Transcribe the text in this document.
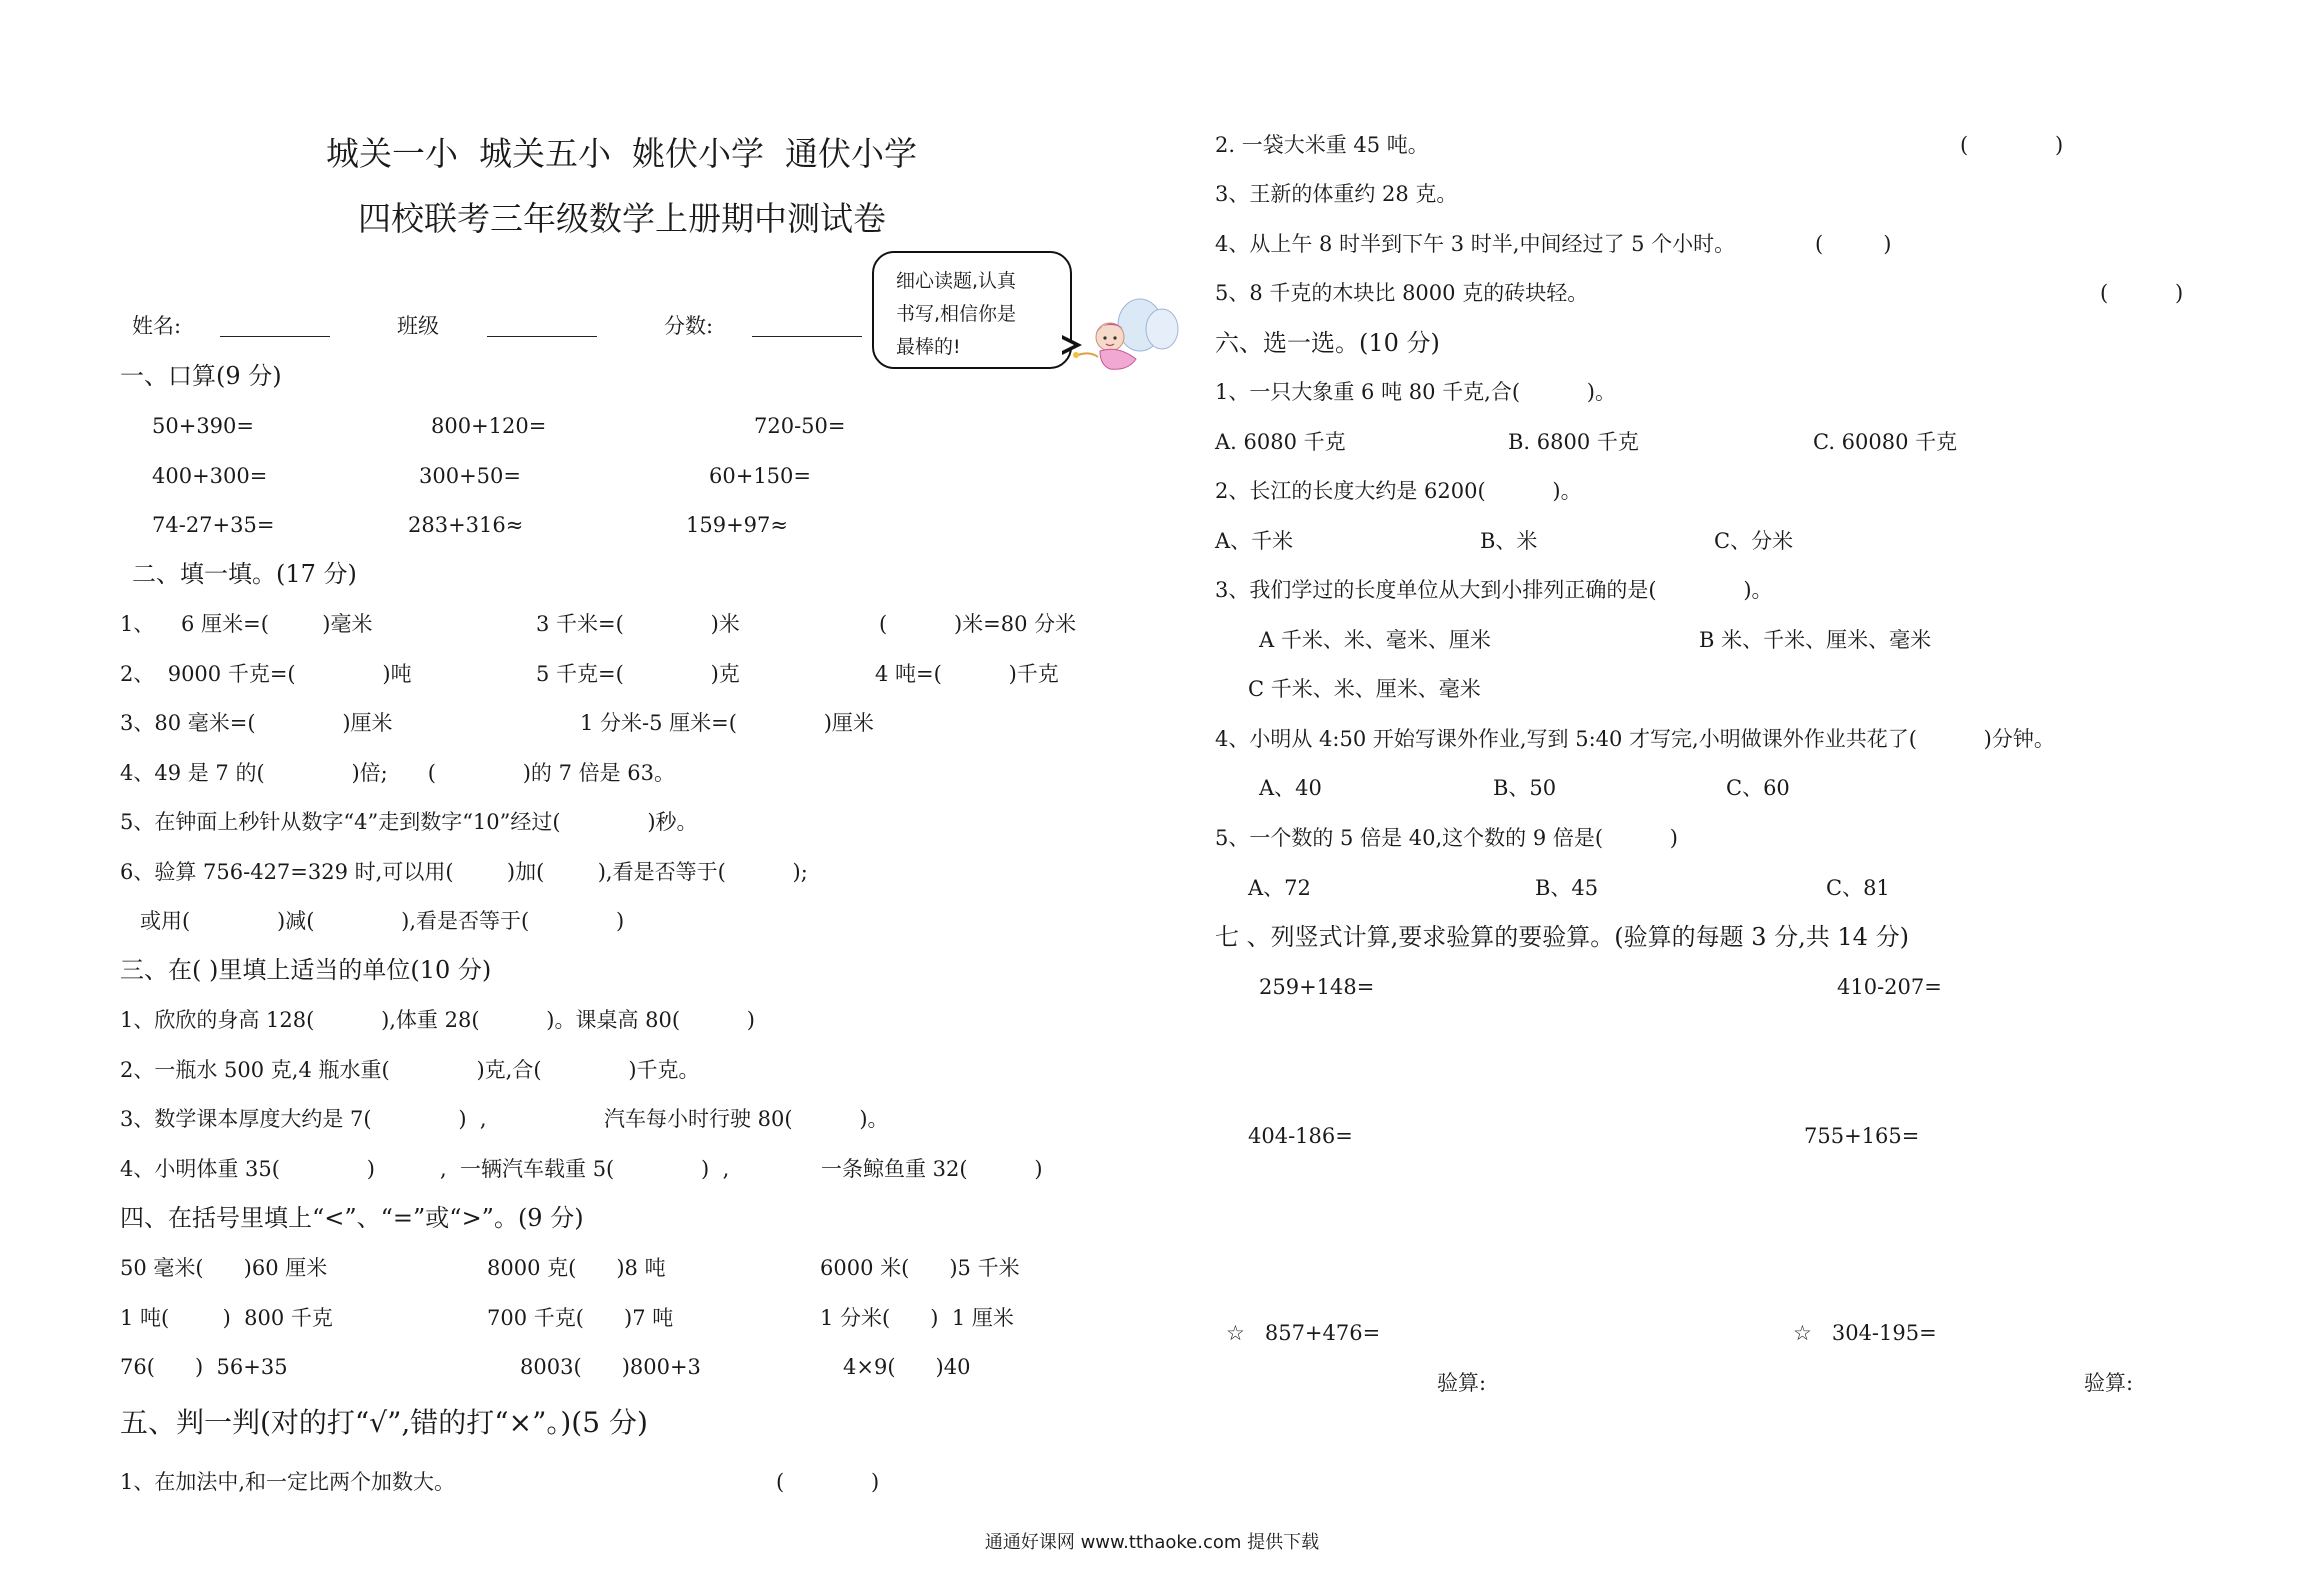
城关一小  城关五小  姚伏小学  通伏小学
四校联考三年级数学上册期中测试卷
姓名:	班级	分数:
细心读题,认真
书写,相信你是
最棒的!
一、口算(9 分)
50+390=	800+120=	720-50=
400+300=	300+50=	60+150=
74-27+35=	283+316≈	159+97≈
二、填一填。(17 分)
1、    6 厘米=(        )毫米	3 千米=(             )米	(          )米=80 分米
2、  9000 千克=(             )吨	5 千克=(             )克	4 吨=(          )千克
3、80 毫米=(             )厘米	1 分米-5 厘米=(             )厘米
4、49 是 7 的(             )倍;      (             )的 7 倍是 63。
5、在钟面上秒针从数字“4”走到数字“10”经过(             )秒。
6、验算 756-427=329 时,可以用(        )加(        ),看是否等于(          );
或用(             )减(             ),看是否等于(             )
三、在( )里填上适当的单位(10 分)
1、欣欣的身高 128(          ),体重 28(          )。课桌高 80(          )
2、一瓶水 500 克,4 瓶水重(             )克,合(             )千克。
3、数学课本厚度大约是 7(             )  ,	汽车每小时行驶 80(          )。
4、小明体重 35(             )	,  一辆汽车载重 5(             )  ,	一条鲸鱼重 32(          )
四、在括号里填上“<”、“=”或“>”。(9 分)
50 毫米(      )60 厘米	8000 克(      )8 吨	6000 米(      )5 千米
1 吨(        )  800 千克	700 千克(      )7 吨	1 分米(      )  1 厘米
76(      )  56+35	8003(      )800+3	4×9(      )40
五、判一判(对的打“√”,错的打“×”。)(5 分)
1、在加法中,和一定比两个加数大。	(             )
2. 一袋大米重 45 吨。	(             )
3、王新的体重约 28 克。
4、从上午 8 时半到下午 3 时半,中间经过了 5 个小时。	(         )
5、8 千克的木块比 8000 克的砖块轻。	(          )
六、选一选。(10 分)
1、一只大象重 6 吨 80 千克,合(          )。
A. 6080 千克	B. 6800 千克	C. 60080 千克
2、长江的长度大约是 6200(          )。
A、千米	B、米	C、分米
3、我们学过的长度单位从大到小排列正确的是(             )。
A 千米、米、毫米、厘米	B 米、千米、厘米、毫米
C 千米、米、厘米、毫米
4、小明从 4:50 开始写课外作业,写到 5:40 才写完,小明做课外作业共花了(          )分钟。
A、40	B、50	C、60
5、一个数的 5 倍是 40,这个数的 9 倍是(          )
A、72	B、45	C、81
七 、列竖式计算,要求验算的要验算。(验算的每题 3 分,共 14 分)
259+148=	410-207=
404-186=	755+165=
☆   857+476=	☆   304-195=
验算:	验算:
通通好课网 www.tthaoke.com 提供下载
